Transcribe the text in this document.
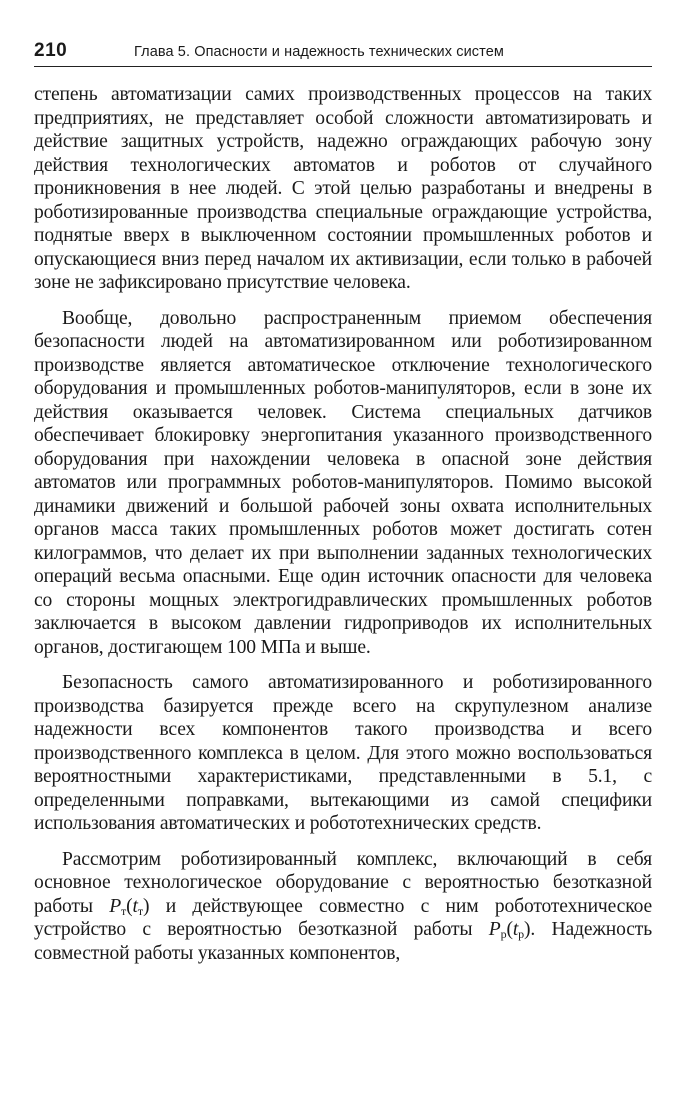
210	Глава 5. Опасности и надежность технических систем

степень автоматизации самих производственных процессов на таких предприятиях, не представляет особой сложности автоматизировать и действие защитных устройств, надежно ограждающих рабочую зону действия технологических автоматов и роботов от случайного проникновения в нее людей. С этой целью разработаны и внедрены в роботизированные производства специальные ограждающие устройства, поднятые вверх в выключенном состоянии промышленных роботов и опускающиеся вниз перед началом их активизации, если только в рабочей зоне не зафиксировано присутствие человека.

Вообще, довольно распространенным приемом обеспечения безопасности людей на автоматизированном или роботизированном производстве является автоматическое отключение технологического оборудования и промышленных роботов-манипуляторов, если в зоне их действия оказывается человек. Система специальных датчиков обеспечивает блокировку энергопитания указанного производственного оборудования при нахождении человека в опасной зоне действия автоматов или программных роботов-манипуляторов. Помимо высокой динамики движений и большой рабочей зоны охвата исполнительных органов масса таких промышленных роботов может достигать сотен килограммов, что делает их при выполнении заданных технологических операций весьма опасными. Еще один источник опасности для человека со стороны мощных электрогидравлических промышленных роботов заключается в высоком давлении гидроприводов их исполнительных органов, достигающем 100 МПа и выше.

Безопасность самого автоматизированного и роботизированного производства базируется прежде всего на скрупулезном анализе надежности всех компонентов такого производства и всего производственного комплекса в целом. Для этого можно воспользоваться вероятностными характеристиками, представленными в 5.1, с определенными поправками, вытекающими из самой специфики использования автоматических и робототехнических средств.

Рассмотрим роботизированный комплекс, включающий в себя основное технологическое оборудование с вероятностью безотказной работы $P_т(t_т)$ и действующее совместно с ним робототехническое устройство с вероятностью безотказной работы $P_р(t_р)$. Надежность совместной работы указанных компонентов,
